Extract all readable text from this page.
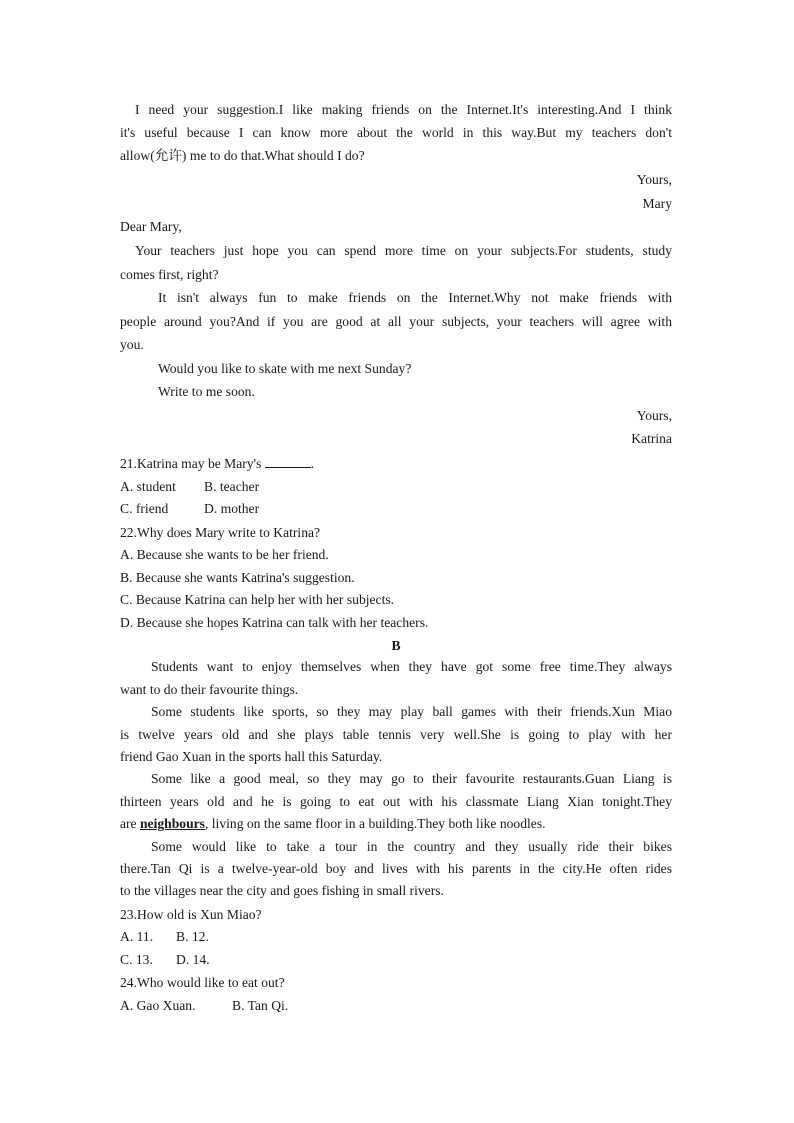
I need your suggestion.I like making friends on the Internet.It's interesting.And I think
it's useful because I can know more about the world in this way.But my teachers don't
allow(允许) me to do that.What should I do?
Yours,
Mary
Dear Mary,
Your teachers just hope you can spend more time on your subjects.For students, study
comes first, right?
It isn't always fun to make friends on the Internet.Why not make friends with
people around you?And if you are good at all your subjects, your teachers will agree with
you.
Would you like to skate with me next Sunday?
Write to me soon.
Yours,
Katrina
21.Katrina may be Mary's	.
A. student B. teacher
C. friend	D. mother
22.Why does Mary write to Katrina?
A. Because she wants to be her friend.
B. Because she wants Katrina's suggestion.
C. Because Katrina can help her with her subjects.
D. Because she hopes Katrina can talk with her teachers.
B
Students want to enjoy themselves when they have got some free time.They always
want to do their favourite things.
Some students like sports, so they may play ball games with their friends.Xun Miao
is twelve years old and she plays table tennis very well.She is going to play with her
friend Gao Xuan in the sports hall this Saturday.
Some like a good meal, so they may go to their favourite restaurants.Guan Liang is
thirteen years old and he is going to eat out with his classmate Liang Xian tonight.They
are neighbours, living on the same floor in a building.They both like noodles.
Some would like to take a tour in the country and they usually ride their bikes
there.Tan Qi is a twelve-year-old boy and lives with his parents in the city.He often rides
to the villages near the city and goes fishing in small rivers.
23.How old is Xun Miao?
A. 11. B. 12.
C. 13. D. 14.
24.Who would like to eat out?
A. Gao Xuan.	B. Tan Qi.
